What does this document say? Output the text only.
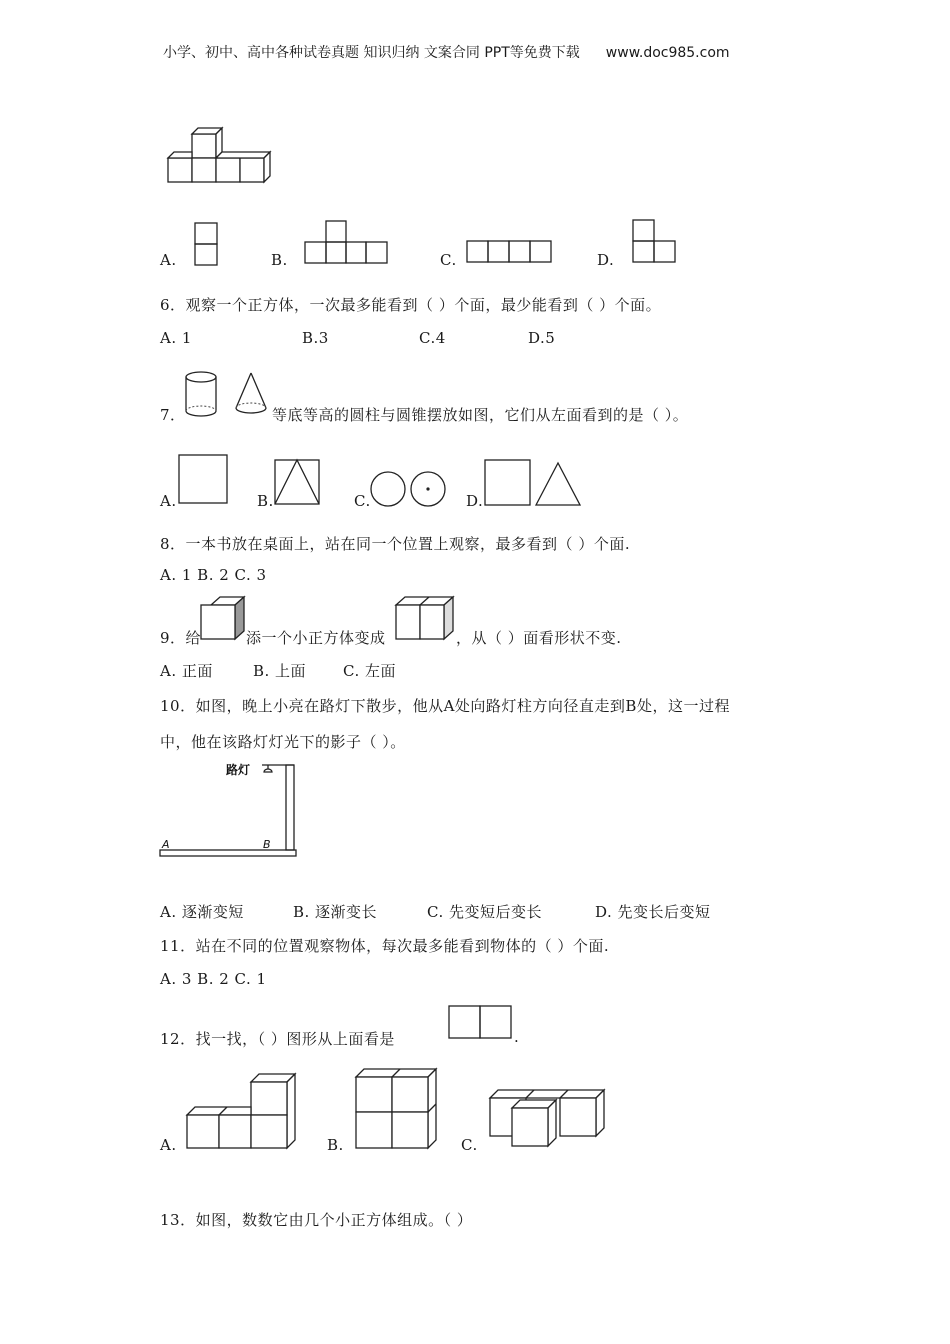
小学、初中、高中各种试卷真题 知识归纳 文案合同 PPT等免费下载 www.doc985.com
A.	B.	C.	D.
6．观察一个正方体，一次最多能看到（ ）个面，最少能看到（ ）个面。
A. 1	B.3	C.4	D.5
7．	等底等高的圆柱与圆锥摆放如图，它们从左面看到的是（ ）。
A.	B.	C.	D.
8．一本书放在桌面上，站在同一个位置上观察，最多看到（ ）个面.
A. 1 B. 2 C. 3
9．给	添一个小正方体变成	，从（ ）面看形状不变.
A. 正面	B. 上面 C. 左面
10．如图，晚上小亮在路灯下散步，他从A处向路灯柱方向径直走到B处，这一过程
中，他在该路灯灯光下的影子（ ）。
路灯
A	B
A. 逐渐变短	B. 逐渐变长	C. 先变短后变长	D. 先变长后变短
11．站在不同的位置观察物体，每次最多能看到物体的（ ）个面.
A. 3 B. 2 C. 1
12．找一找，（ ）图形从上面看是	.
A.	B.	C.
13．如图，数数它由几个小正方体组成。（ ）
